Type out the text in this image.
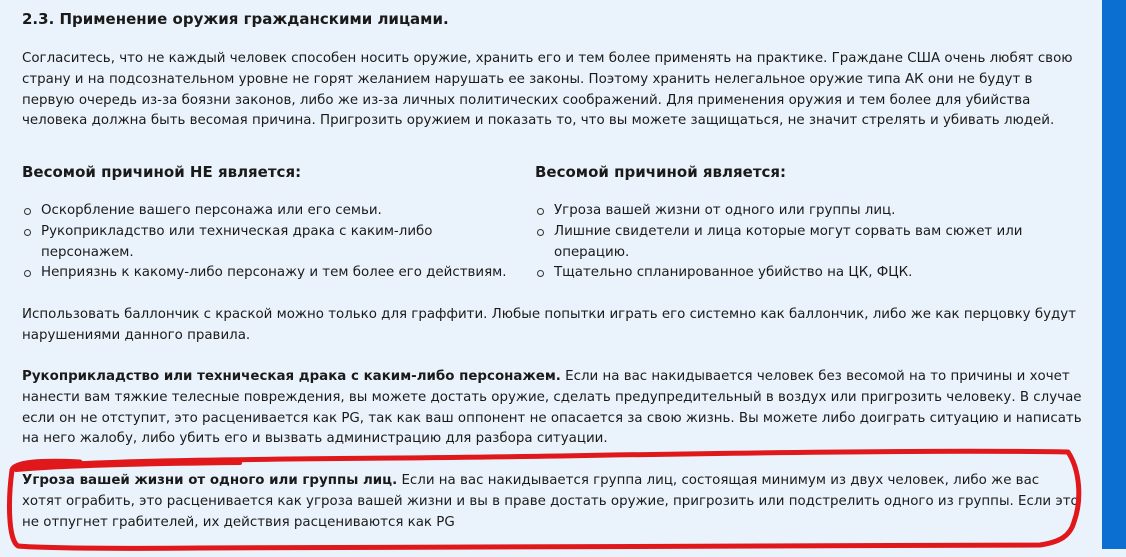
2.3. Применение оружия гражданскими лицами.

Согласитесь, что не каждый человек способен носить оружие, хранить его и тем более применять на практике. Граждане США очень любят свою страну и на подсознательном уровне не горят желанием нарушать ее законы. Поэтому хранить нелегальное оружие типа АК они не будут в первую очередь из-за боязни законов, либо же из-за личных политических соображений. Для применения оружия и тем более для убийства человека должна быть весомая причина. Пригрозить оружием и показать то, что вы можете защищаться, не значит стрелять и убивать людей.

Весомой причиной НЕ является:	Весомой причиной является:
Оскорбление вашего персонажа или его семьи.
Рукоприкладство или техническая драка с каким-либо персонажем.
Неприязнь к какому-либо персонажу и тем более его действиям.
Угроза вашей жизни от одного или группы лиц.
Лишние свидетели и лица которые могут сорвать вам сюжет или операцию.
Тщательно спланированное убийство на ЦК, ФЦК.

Использовать баллончик с краской можно только для граффити. Любые попытки играть его системно как баллончик, либо же как перцовку будут нарушениями данного правила.

Рукоприкладство или техническая драка с каким-либо персонажем. Если на вас накидывается человек без весомой на то причины и хочет нанести вам тяжкие телесные повреждения, вы можете достать оружие, сделать предупредительный в воздух или пригрозить человеку. В случае если он не отступит, это расценивается как PG, так как ваш оппонент не опасается за свою жизнь. Вы можете либо доиграть ситуацию и написать на него жалобу, либо убить его и вызвать администрацию для разбора ситуации.

Угроза вашей жизни от одного или группы лиц. Если на вас накидывается группа лиц, состоящая минимум из двух человек, либо же вас хотят ограбить, это расценивается как угроза вашей жизни и вы в праве достать оружие, пригрозить или подстрелить одного из группы. Если это не отпугнет грабителей, их действия расцениваются как PG
